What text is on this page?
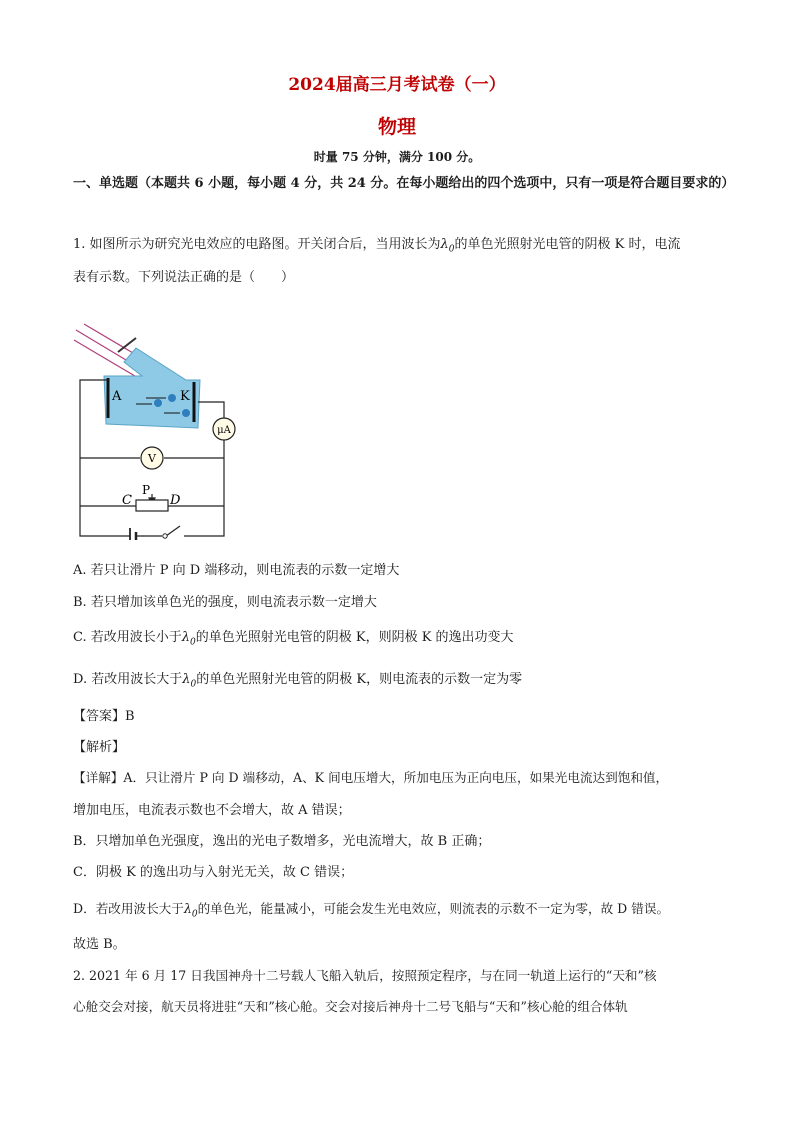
2024届高三月考试卷（一）
物理
时量 75 分钟，满分 100 分。
一、单选题（本题共 6 小题，每小题 4 分，共 24 分。在每小题给出的四个选项中，只有一项是符合题目要求的）
1. 如图所示为研究光电效应的电路图。开关闭合后，当用波长为$\lambda_0$的单色光照射光电管的阴极 K 时，电流
表有示数。下列说法正确的是（　　）
A	K
μA
V
P
C	D
A. 若只让滑片 P 向 D 端移动，则电流表的示数一定增大
B. 若只增加该单色光的强度，则电流表示数一定增大
C. 若改用波长小于$\lambda_0$的单色光照射光电管的阴极 K，则阴极 K 的逸出功变大
D. 若改用波长大于$\lambda_0$的单色光照射光电管的阴极 K，则电流表的示数一定为零
【答案】B
【解析】
【详解】A．只让滑片 P 向 D 端移动，A、K 间电压增大，所加电压为正向电压，如果光电流达到饱和值，
增加电压，电流表示数也不会增大，故 A 错误；
B．只增加单色光强度，逸出的光电子数增多，光电流增大，故 B 正确；
C．阴极 K 的逸出功与入射光无关，故 C 错误；
D．若改用波长大于$\lambda_0$的单色光，能量减小，可能会发生光电效应，则流表的示数不一定为零，故 D 错误。
故选 B。
2. 2021 年 6 月 17 日我国神舟十二号载人飞船入轨后，按照预定程序，与在同一轨道上运行的“天和”核
心舱交会对接，航天员将进驻“天和”核心舱。交会对接后神舟十二号飞船与“天和”核心舱的组合体轨
